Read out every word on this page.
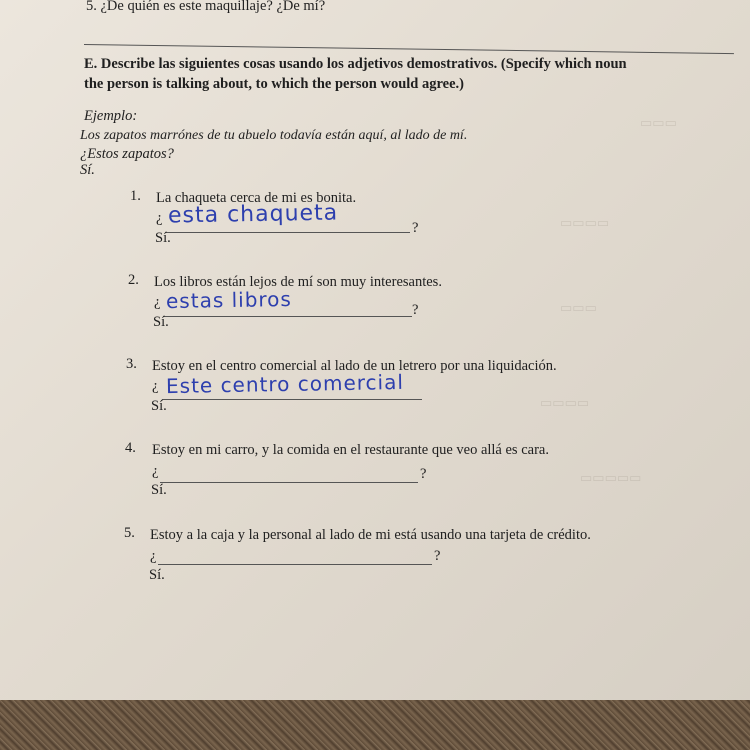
▭▭▭
▭▭▭▭
▭▭▭
▭▭▭▭
▭▭▭▭▭
5. ¿De quién es este maquillaje? ¿De mí?
E. Describe las siguientes cosas usando los adjetivos demostrativos. (Specify which noun
the person is talking about, to which the person would agree.)
Ejemplo:
Los zapatos marrónes de tu abuelo todavía están aquí, al lado de mí.
¿Estos zapatos?
Sí.
1. La chaqueta cerca de mi es bonita.
¿ esta chaqueta	?
Sí.
2. Los libros están lejos de mí son muy interesantes.
¿ estas libros	?
Sí.
3. Estoy en el centro comercial al lado de un letrero por una liquidación.
¿ Este centro comercial
Sí.
4. Estoy en mi carro, y la comida en el restaurante que veo allá es cara.
¿	?
Sí.
5. Estoy a la caja y la personal al lado de mi está usando una tarjeta de crédito.
¿	?
Sí.
